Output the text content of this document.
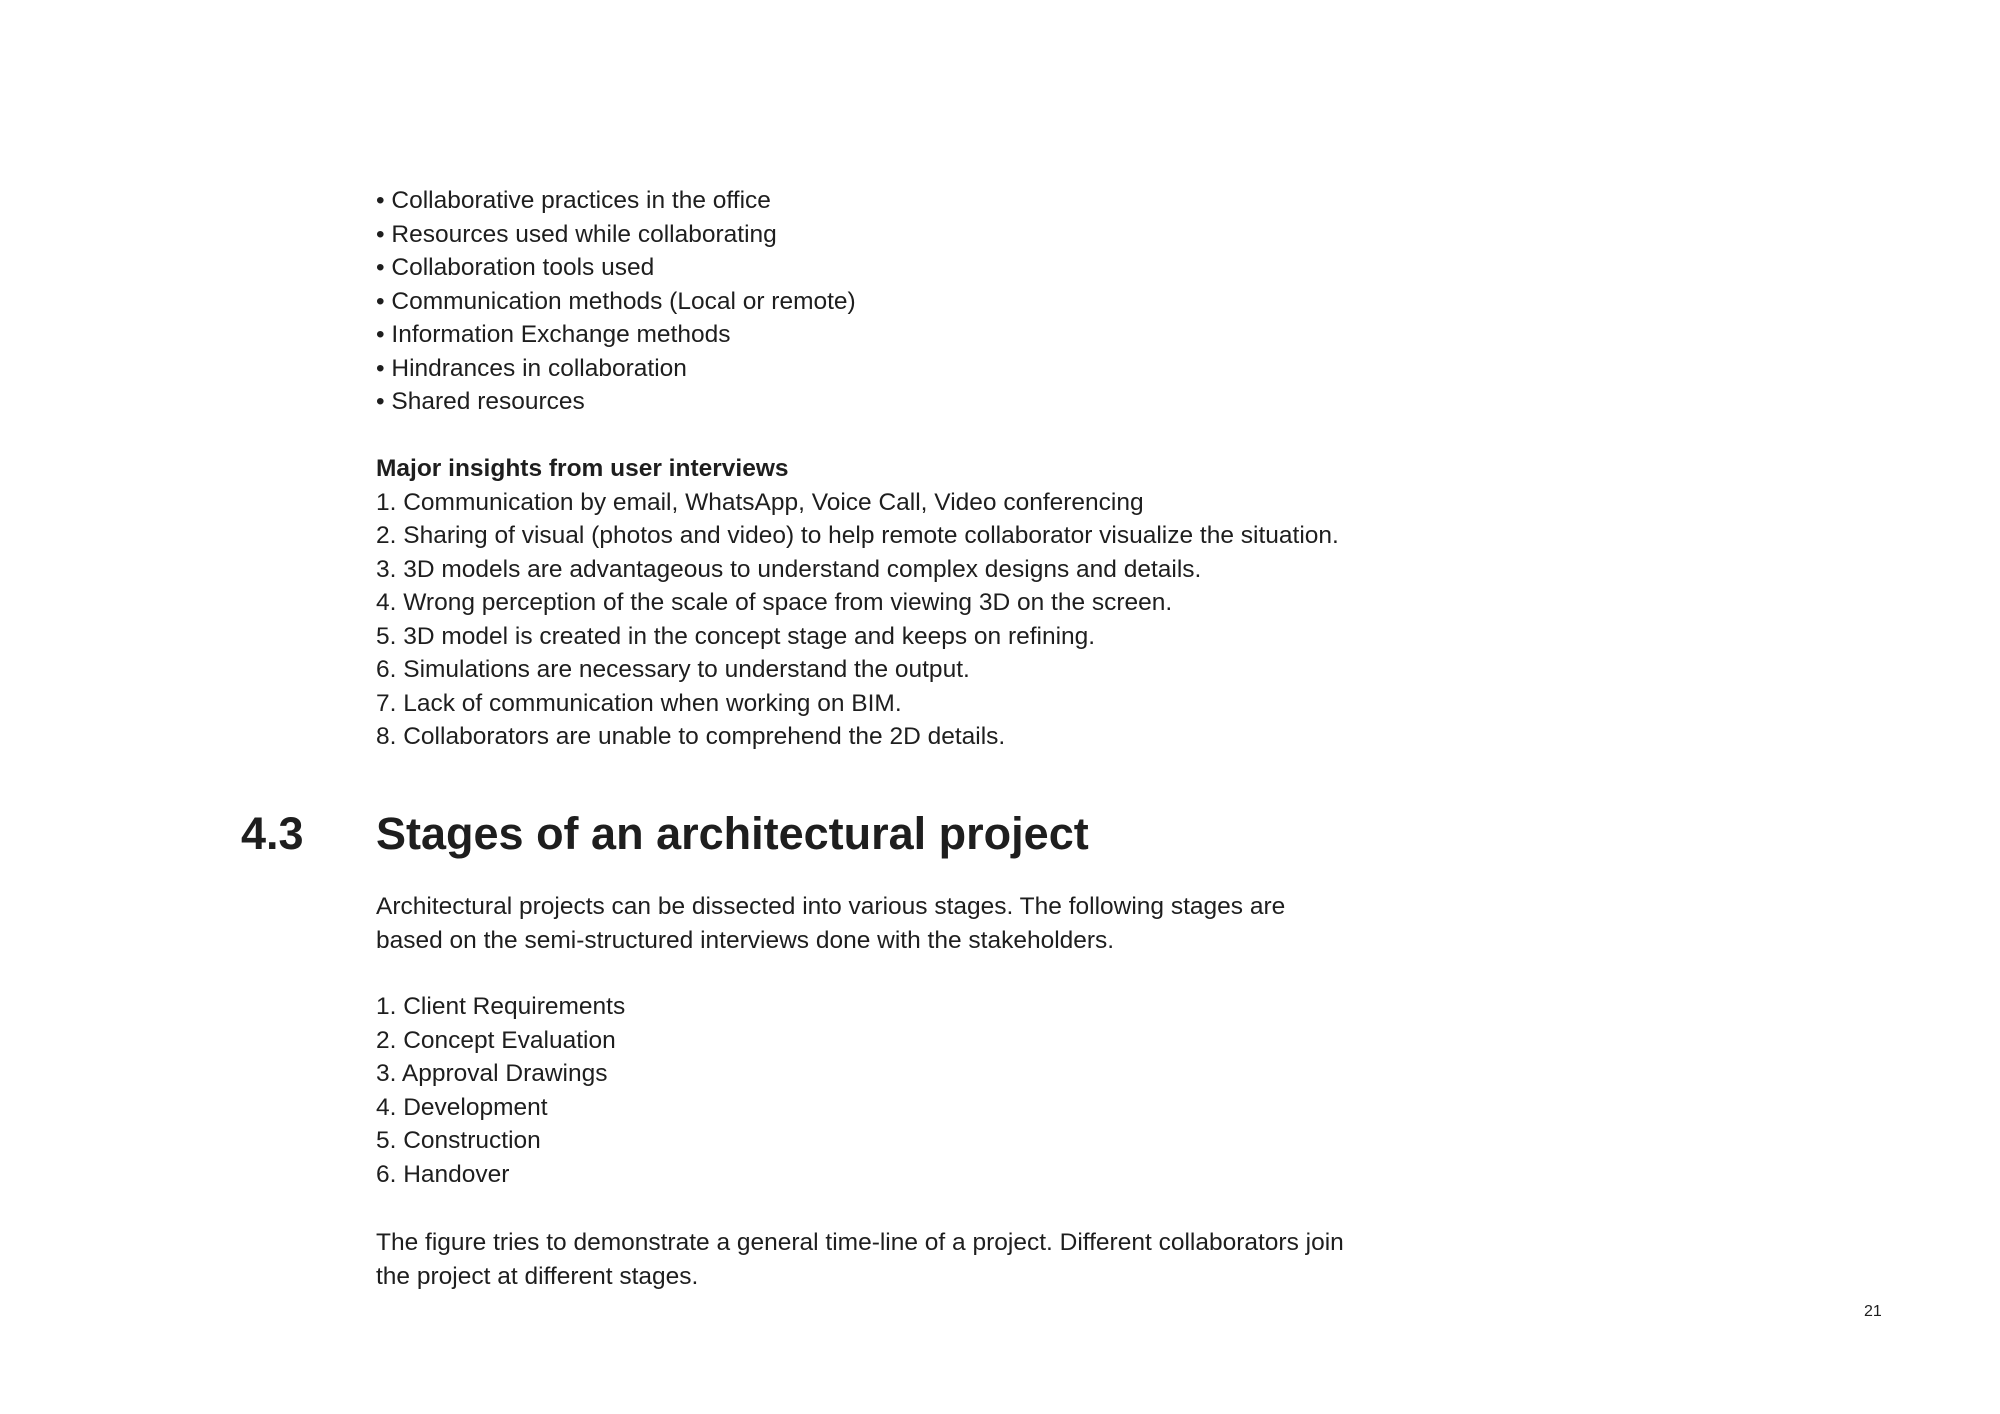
• Collaborative practices in the office

• Resources used while collaborating

• Collaboration tools used

• Communication methods (Local or remote)

• Information Exchange methods

• Hindrances in collaboration

• Shared resources

Major insights from user interviews

1. Communication by email, WhatsApp, Voice Call, Video conferencing

2. Sharing of visual (photos and video) to help remote collaborator visualize the situation.

3. 3D models are advantageous to understand complex designs and details.

4. Wrong perception of the scale of space from viewing 3D on the screen.

5. 3D model is created in the concept stage and keeps on refining.

6. Simulations are necessary to understand the output.

7. Lack of communication when working on BIM.

8. Collaborators are unable to comprehend the 2D details.

4.3 Stages of an architectural project

Architectural projects can be dissected into various stages. The following stages are

based on the semi-structured interviews done with the stakeholders.

1. Client Requirements

2. Concept Evaluation

3. Approval Drawings

4. Development

5. Construction

6. Handover

The figure tries to demonstrate a general time-line of a project. Different collaborators join

the project at different stages.

21
